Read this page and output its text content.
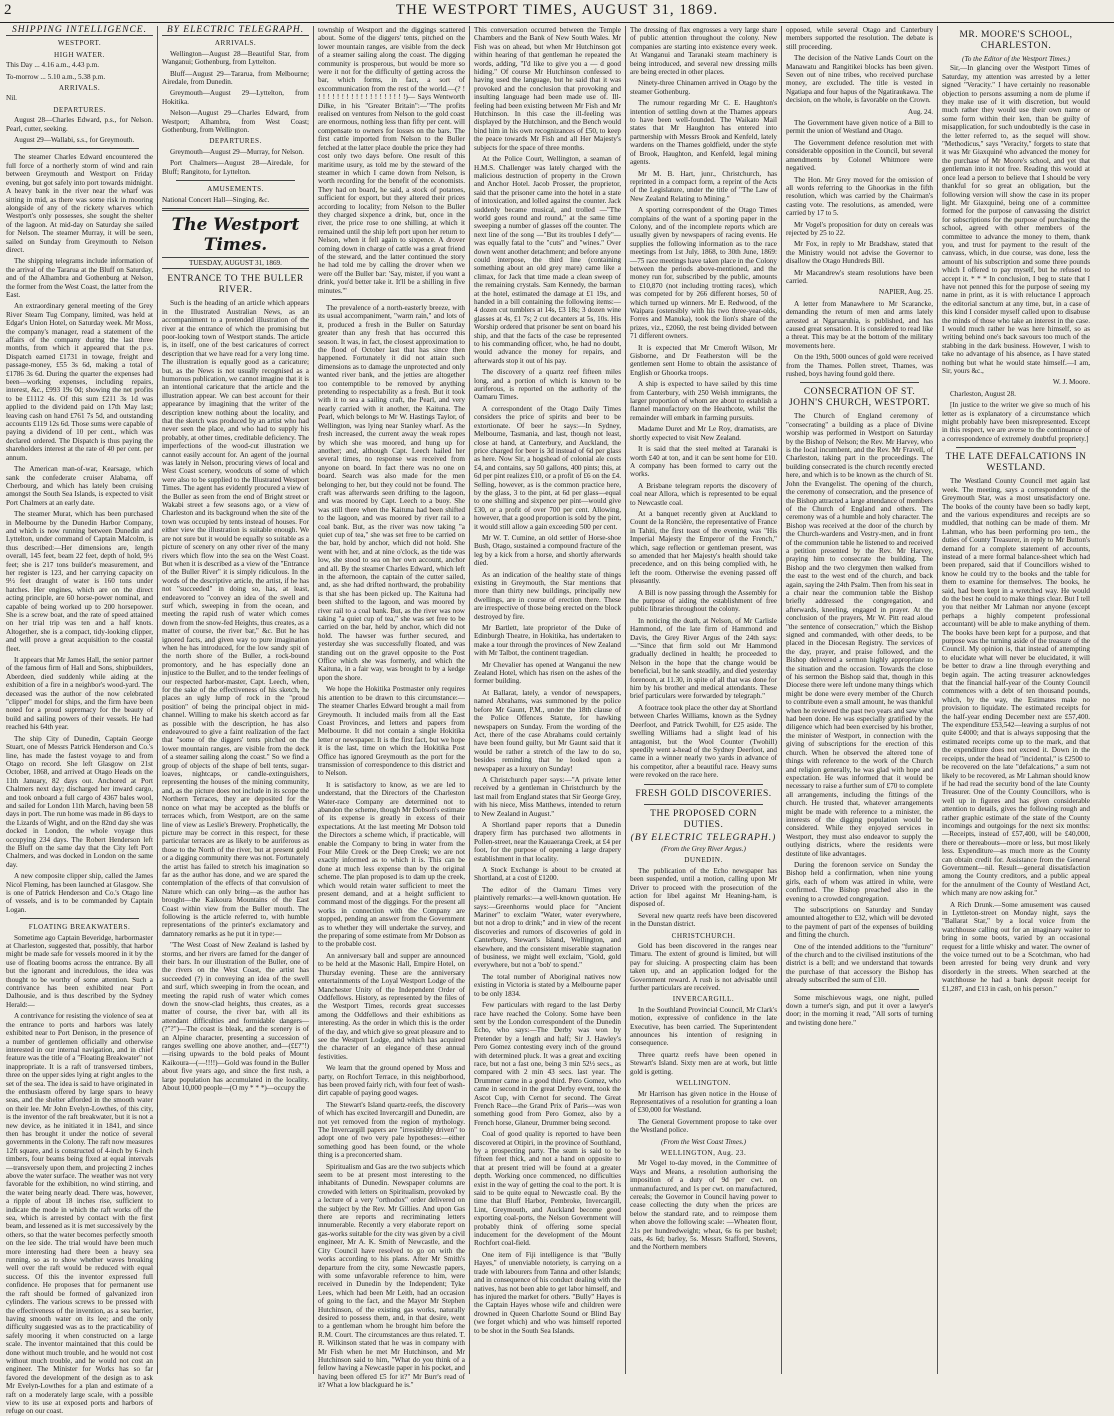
2	THE WESTPORT TIMES, AUGUST 31, 1869.
SHIPPING INTELLIGENCE.
WESTPORT.
HIGH WATER.

This Day ... 4.16 a.m., 4.43 p.m.

To-morrow ... 5.10 a.m., 5.38 p.m.

ARRIVALS.

Nil.

DEPARTURES.

August 28—Charles Edward, p.s., for Nelson. Pearl, cutter, seeking.

August 29—Wallabi, s.s., for Greymouth.

The steamer Charles Edward encountered the full force of a northerly storm of wind and rain between Greymouth and Westport on Friday evening, but got safely into port towards midnight. A heavy bank in the river near the wharf was sitting in mid, as there was some risk in mooring alongside of any of the rickety wharves which Westport's only possesses, she sought the shelter of the lagoon. At mid-day on Saturday she sailed for Nelson. The steamer Murray, it will be seen, sailed on Sunday from Greymouth to Nelson direct.

The shipping telegrams include information of the arrival of the Tararua at the Bluff on Saturday, and of the Alhambra and Gothenburg at Nelson, the former from the West Coast, the latter from the East.

An extraordinary general meeting of the Grey River Steam Tug Company, limited, was held at Edgar's Union Hotel, on Saturday week. Mr Moss, the company's manager, read a statement of the affairs of the company during the last three months, from which it appeared that the p.s. Dispatch earned £1731 in towage, freight and passage-money, £55 3s 6d, making a total of £1786 3s 6d. During the quarter the expenses had been—working expenses, including repairs, interest, &c., £993 19s 0d; showing the net profits to be £1112 4s. Of this sum £211 3s 1d was applied to the dividend paid on 17th May last; leaving cash on hand £761 7s 5d, and outstanding accounts £119 12s 6d. Those sums were capable of paying a dividend of 10 per cent., which was declared ordered. The Dispatch is thus paying the shareholders interest at the rate of 40 per cent. per annum.

The American man-of-war, Kearsage, which sank the confederate cruiser Alabama, off Cherbourg, and which has lately been cruising amongst the South Sea Islands, is expected to visit Port Chalmers at an early date.

The steamer Murat, which has been purchased in Melbourne by the Dunedin Harbor Company, and which is now running between Dunedin and Lyttelton, under command of Captain Malcolm, is thus described:—Her dimensions are, length overall, 145 feet, beam 22 feet, depth of hold, 9½ feet; she is 217 tons builder's measurement, and her register is 123, and her carrying capacity on 9½ feet draught of water is 160 tons under hatches. Her engines, which are on the direct acting principle, are 60 horse-power nominal, and capable of being worked up to 200 horsepower. She is a screw boat, and the rate of speed attained on her trial trip was ten and a half knots. Altogether, she is a compact, tidy-looking clipper, and will prove a great acquisition to the coastal fleet.

It appears that Mr James Hall, the senior partner of the famous firm of Hall and Sons, shipbuilders, Aberdeen, died suddenly while aiding at the exhibition of a fire in a neighbor's wood-yard. The deceased was the author of the now celebrated "clipper" model for ships, and the firm have been noted for a proud supremacy for the beauty of build and sailing powers of their vessels. He had reached his 64th year.

The ship City of Dunedin, Captain George Stuart, one of Messrs Patrick Henderson and Co.'s line, has made the fastest voyage to and from Otago on record. She left Glasgow on 21st October, 1868, and arrived at Otago Heads on the 11th January, 82 days out. Anchored at Port Chalmers next day; discharged her inward cargo, and took onboard a full cargo of 4367 bales wool, and sailed for London 11th March, having been 58 days in port. The run home was made in 86 days to the Lizards of Wight, and on the 82nd day she was docked in London, the whole voyage thus occupying 234 days. The Robert Henderson left the Bluff on the same day that the City left Port Chalmers, and was docked in London on the same day.

A new composite clipper ship, called the James Nicol Fleming, has been launched at Glasgow. She is one of Patrick Henderson and Co.'s Otago line of vessels, and is to be commanded by Captain Logan.

FLOATING BREAKWATERS.

Sometime ago Captain Beveridge, harbormaster at Charleston, suggested that, possibly, that harbor might be made safe for vessels moored in it by the use of floating booms across the entrance. By all but the ignorant and incredulous, the idea was thought to be worthy of some attention. Such a contrivance has been exhibited near Port Dalhousie, and is thus described by the Sydney Herald:—

A contrivance for resisting the violence of sea at the entrance to ports and harbors was lately exhibited near to Port Denison, in the presence of a number of gentlemen officially and otherwise interested in our internal navigation, and in chief feature was the title of a "Floating Breakwater" not inappropriate. It is a raft of transversed timbers, three on the upper sides lying at right angles to the set of the sea. The idea is said to have originated in the enthusiasm offered by large spars to heavy seas, and the shelter afforded in the smooth water on their lee. Mr John Evelyn-Lowthes, of this city, is the inventor of the raft breakwater, but it is not a new device, as he initiated it in 1841, and since then has brought it under the notice of several governments in the Colony. The raft now measures 12ft square, and is constructed of 4-inch by 6-inch timbers, four beams being fixed at equal intervals—transversely upon them, and projecting 2 inches above the water surface. The weather was not very favorable for the exhibition, no wind stirring, and the water being nearly dead. There was, however, a ripple of about 18 inches rise, sufficient to indicate the mode in which the raft works off the sea, which is arrested by contact with the first beam, and lessened as it is met successively by the others, so that the water becomes perfectly smooth on the lee side. The trial would have been much more interesting had there been a heavy sea running, so as to show whether waves breaking well over the raft would be reduced with equal success. Of this the inventor expressed full confidence. He proposes that for permanent use the raft should be formed of galvanized iron cylinders. The various screws to be pressed with the effectiveness of the invention, as a sea barrier, having smooth water on its lee; and the only difficulty suggested was as to the practicability of safely mooring it when constructed on a large scale. The inventor maintained that this could be done without much trouble, and he would not cost without much trouble, and he would not cost an engineer. The Minister for Works has so far favored the development of the design as to ask Mr Evelyn-Lowthes for a plan and estimate of a raft on a moderately large scale, with a possible view to its use at exposed ports and harbors of refuge on our coast.

BY ELECTRIC TELEGRAPH.
ARRIVALS.

Wellington—August 28—Beautiful Star, from Wanganui; Gothenburg, from Lyttelton.

Bluff—August 29—Tararua, from Melbourne; Airedale, from Dunedin.

Greymouth—August 29—Lyttelton, from Hokitika.

Nelson—August 29—Charles Edward, from Westport; Alhambra, from West Coast; Gothenburg, from Wellington.

DEPARTURES.

Greymouth—August 29—Murray, for Nelson.

Port Chalmers—August 28—Airedale, for Bluff; Rangitoto, for Lyttelton.

AMUSEMENTS.

National Concert Hall—Singing, &c.

The Westport Times.
TUESDAY, AUGUST 31, 1869.
ENTRANCE TO THE BULLER RIVER.

Such is the heading of an article which appears in the Illustrated Australian News, as an accompaniment to a pretended illustration of the river at the entrance of which the promising but poor-looking town of Westport stands. The article is, in itself, one of the best caricatures of correct description that we have read for a very long time. The illustration is equally good as a caricature; but, as the News is not usually recognised as a humorous publication, we cannot imagine that it is an intentional caricature that the article and the illustration appear. We can best account for their appearance by imagining that the writer of the description knew nothing about the locality, and that the sketch was produced by an artist who had never seen the place, and who had to supply his probably, at other times, creditable deficiency. The imperfections of the wood-cut illustration we cannot easily account for. An agent of the journal was lately in Nelson, procuring views of local and West Coast scenery, woodcuts of some of which were also to be supplied to the Illustrated Westport Times. The agent has evidently procured a view of the Buller as seen from the end of Bright street or Wakabi street a few seasons ago, or a view of Charleston and its background when the site of the town was occupied by tents instead of houses. For either view the illustration is suitable enough. We are not sure but it would be equally so suitable as a picture of scenery on any other river of the many rivers which flow into the sea on the West Coast. But when it is described as a view of the "Entrance of the Buller River" it is simply ridiculous. In the words of the descriptive article, the artist, if he has not "succeeded" in doing so, has, at least, endeavored to "convey an idea of the swell and surf which, sweeping in from the ocean, and meeting the rapid rush of water which comes down from the snow-fed Heights, thus creates, as a matter of course, the river bar," &c. But he has ignored facts, and given way to pure imagination when he has introduced, for the low sandy spit of the north shore of the Buller, a rock-bound promontory, and he has especially done an injustice to the Buller, and to the tender feelings of our respected harbor-master, Capt. Leech, when, for the sake of the effectiveness of his sketch, he places an ugly lump of rock in the "proud position" of being the principal object in mid-channel. Willing to make his sketch accord as far as possible with the description, he has also endeavoured to give a faint realization of the fact that "some of the diggers' tents pitched on the lower mountain ranges, are visible from the deck of a steamer sailing along the coast." So we find a group of objects of the shape of bell tents, sugar-loaves, nightcaps, or candle-extinguishers, representing the houses of the mining community, and, as the picture does not include in its scope the Northern Terraces, they are deposited for the nonce on what may be accepted as the bluffs or terraces which, from Westport, are on the same line of view as Leslie's Brewery. Prophetically, the picture may be correct in this respect, for these particular terraces are as likely to be auriferous as those to the North of the river, but at present gold or a digging community there was not. Fortunately the artist has failed to stretch his imagination so far as the author has done, and we are spared the contemplation of the effects of that convulsion of Nature which can only bring—as the author has brought—the Kaikoura Mountains of the East Coast within view from the Buller mouth. The following is the article referred to, with humble representations of the printer's exclamatory and damnatory remarks as he put it in type:—

"The West Coast of New Zealand is lashed by storms, and her rivers are famed for the danger of their bars. In our illustration of the Buller, one of the rivers on the West Coast, the artist has succeeded (?) in conveying an idea of the swell and surf, which sweeping in from the ocean, and meeting the rapid rush of water which comes down the snow-clad heights, thus creates, as a matter of course, the river bar, with all its attendant difficulties and formidable dangers—(?"?")—The coast is bleak, and the scenery is of an Alpine character, presenting a succession of ranges swelling one above another, and—(££?"!)—rising upwards to the bold peaks of Mount Kaikoura—(—!!!!)—Gold was found in the Buller about five years ago, and since the first rush, a large population has accumulated in the locality. About 10,000 people—(O my * * *)—occupy the

township of Westport and the diggings scattered about. Some of the diggers' tents, pitched on the lower mountain ranges, are visible from the deck of a steamer sailing along the coast. The digging community is prosperous, but would be more so were it not for the difficulty of getting across the bar, which forms, in fact, a sort of excommunication from the rest of the world.—(? ! ! ! ! ! ! ! ! ! ! ! ! ! ! ! ! ! ! ! !)— Says Wentworth Dilke, in his "Greater Britain":—"The profits realised on ventures from Nelson to the gold coast are enormous, nothing less than fifty per cent. will compensate to owners for losses on the bars. The first cattle imported from Nelson to the Buller fetched at the latter place double the price they had cost only two days before. One result of this maritime usury, as told me by the steward of the steamer in which I came down from Nelson, is worth recording for the benefit of the economists. They had on board, he said, a stock of potatoes, sufficient for export, but they altered their prices according to locality; from Nelson to the Buller they charged sixpence a drink, but, once in the river, the price rose to one shilling, at which it remained until the ship left port upon her return to Nelson, when it fell again to sixpence. A drover coming down in charge of cattle was a great friend of the steward, and the latter continued the story he had told me by calling the drover when we were off the Buller bar: 'Say, mister, if you want a drink, you'd better take it. It'll be a shilling in five minutes.'"

The prevalence of a north-easterly breeze, with its usual accompaniment, "warm rain," and lots of it, produced a fresh in the Buller on Saturday greater than any fresh that has occurred this season. It was, in fact, the closest approximation to the flood of October last that has since then happened. Fortunately it did not attain such dimensions as to damage the unprotected and only wanted river bank, and the jetties are altogether too contemptible to be removed by anything pretending to respectability as a fresh. But it took with it to sea a sailing craft, the Pearl, and very nearly carried with it another, the Kaituna. The Pearl, which belongs to Mr W. Hastings Taylor, of Wellington, was lying near Stanley wharf. As the fresh increased, the current away the weak ropes by which she was moored, and hung up for another; and, although Capt. Leech hailed her several times, no response was received from anyone on board. In fact there was no one on board. Search was also made for the men belonging to her, but they could not be found. The craft was afterwards seen drifting to the lagoon, and was moored by Capt. Leech to a buoy. She was still there when the Kaituna had been shifted to the lagoon, and was moored by river rail to a coal bank. But, as the river was now taking "a quiet cup of tea," she was set free to be carried on the bar, hold by anchor, which did not hold. She went with her, and at nine o'clock, as the tide was low, she stood to sea on her own account, anchor and all. By the steamer Charles Edward, which left in the afternoon, the captain of the cutter sailed, and, as she had drifted northward, the probability is that she has been picked up. The Kaituna had been shifted to the lagoon, and was moored by river rail to a coal bank. But, as the river was now taking "a quiet cup of tea," she was set free to be carried on the bar, held by anchor, which did not hold. The hawser was further secured, and yesterday she was successfully floated, and was standing out on the gravel opposite to the Post Office which she was formerly, and which the Kaituna, in a fair way, was brought to by a kedge upon the shore.

We hope the Hokitika Postmaster only requires his attention to be drawn to this circumstance:—The steamer Charles Edward brought a mail from Greymouth. It included mails from all the East Coast Provinces, and letters and papers from Melbourne. It did not contain a single Hokitika letter or newspaper. It is the first fact, but we hope it is the last, time on which the Hokitika Post Office has ignored Greymouth as the port for the transmission of correspondence to this district and to Nelson.

It is satisfactory to know, as we are led to understand, that the Directors of the Charleston Water-race Company are determined not to abandon the scheme, though Mr Dobson's estimate of its expense is greatly in excess of their expectations. At the last meeting Mr Dobson told the Directors a scheme which, if practicable, will enable the Company to bring in water from the Four Mile Creek or the Deep Creek; we are not exactly informed as to which it is. This can be done at much less expense than by the original scheme. The plan proposed is to dam up the creek, which would retain water sufficient to meet the present demand, and at a height sufficient to command most of the diggings. For the present all works in connection with the Company are stopped, pending an answer from the Government as to whether they will undertake the survey, and the preparing of some estimate from Mr Dobson as to the probable cost.

An anniversary ball and supper are announced to be held at the Masonic Hall, Empire Hotel, on Thursday evening. These are the anniversary entertainments of the Loyal Westport Lodge of the Manchester Unity of the Independent Order of Oddfellows. History, as represented by the files of the Westport Times, records great successes among the Oddfellows and their exhibitions as interesting. As the order in which this is the order of the day, and which give so great pleasure and to see the Westport Lodge, and which has acquired the character of an elegance of these annual festivities.

We learn that the ground opened by Moss and party, on Rochfort Terrace, in this neighborhood, has been proved fairly rich, with four feet of wash-dirt capable of paying good wages.

The Stewart's Island quartz-reefs, the discovery of which has excited Invercargill and Dunedin, are not yet removed from the region of mythology. The Invercargill papers are "irresistibly driven" to adopt one of two very pale hypotheses:—either something good has been found, or the whole thing is a preconcerted sham.

Spiritualism and Gas are the two subjects which seem to be at present most interesting to the inhabitants of Dunedin. Newspaper columns are crowded with letters on Spiritualism, provoked by a lecture of a very "orthodox" order delivered on the subject by the Rev. Mr Gillies. And upon Gas there are reports and recriminating letters innumerable. Recently a very elaborate report on gas-works suitable for the city was given by a civil engineer, Mr A. K. Smith of Newcastle, and the City Council have resolved to go on with the works according to his plans. After Mr Smith's departure from the city, some Newcastle papers, with some unfavorable reference to him, were received in Dunedin by the Independent; Tyke Lees, which had been Mr Leith, had an occasion of going to the fact, and the Mayor Mr Stephen Hutchinson, of the existing gas works, naturally desired to possess them, and, in that desire, went to a gentleman whom he brought him before the R.M. Court. The circumstances are thus related. T. R. Wilkinson stated that he was in company with Mr Fish when he met Mr Hutchinson, and Mr Hutchinson said to him, "What do you think of a fellow having a Newcastle paper in his pocket, and having been offered £5 for it?" Mr Burr's read of it? What a low blackguard he is."

This conversation occurred between the Temple Chambers and the Bank of New South Wales. Mr Fish was on ahead, but when Mr Hutchinson got within hearing of that gentleman he repeated the words, adding, "I'd like to give you a — d good hiding." Of course Mr Hutchinson confessed to having used the language, but he said that it was provoked and the conclusion that provoking and insulting language had been made use of. Ill-feeling had been existing between Mr Fish and Mr Hutchinson. In this case the ill-feeling was displayed by the Hutchinson, and the Bench would bind him in his own recognizances of £50, to keep the peace towards Mr Fish and all Her Majesty's subjects for the space of three months.

At the Police Court, Wellington, a seaman of H.M.S. Challenger was lately charged with the malicious destruction of property in the Crown and Anchor Hotel. Jacob Prosser, the proprietor, said that the prisoner came into the hotel in a state of intoxication, and lolled against the counter. Jack suddenly became musical, and trolled —"The world goes round and round," at the same time sweeping a number of glasses off the counter. The next line of the song —"But its troubles I defy"—was equally fatal to the "cuts" and "wines." Over down went another detachment; and before anyone could interpose, the third line (containing something about an old grey mare) came like a climax, for Jack that time made a clean sweep of the remaining crystals. Sam Kennedy, the barman at the hotel, estimated the damage at £1 19s, and handed in a bill containing the following items:— 4 dozen cut tumblers at 14s, £3 18s; 3 dozen wine glasses at 4s, £1 7s; 2 cut decanters at 5s, 10s. His Worship ordered that prisoner be sent on board his ship, and that the facts of the case be represented to his commanding officer, who, he had no doubt, would advance the money for repairs, and afterwards stop it out of his pay.

The discovery of a quartz reef fifteen miles long, and a portion of which is known to be auriferous, is reported on the authority of the Oamaru Times.

A correspondent of the Otago Daily Times considers the price of spirits and beer to be extortionate. Of beer he says:—In Sydney, Melbourne, Tasmania, and last, though not least, close at hand, at Canterbury, and Auckland, the price charged for beer is 3d instead of 6d per glass as here. Now Sir, a hogshead of colonial ale costs £4, and contains, say 50 gallons, 400 pints; this, at 6d per pint realizes £10, or a profit of £6 on the £4. Selling, however, as is the common practice here, by the glass, 3 to the pint, at 6d per glass—equal to one shilling and sixpence per pint—would give £30, or a profit of over 700 per cent. Allowing, however, that a good proportion is sold by the pint, it would still allow a gain exceeding 500 per cent.

Mr W. T. Cumine, an old settler of Horse-shoe Bush, Otago, sustained a compound fracture of the leg by a kick from a horse, and shortly afterwards died.

As an indication of the healthy state of things existing in Greymouth, the Star mentions that more than thirty new buildings, principally new dwellings, are in course of erection there. These are irrespective of those being erected on the block destroyed by fire.

Mr Bartlett, late proprietor of the Duke of Edinburgh Theatre, in Hokitika, has undertaken to make a tour through the provinces of New Zealand with Mr Talbot, the continent tragedian.

Mr Chevalier has opened at Wanganui the new Zealand Hotel, which has risen on the ashes of the former building.

At Ballarat, lately, a vendor of newspapers, named Abrahams, was summoned by the police before Mr Gaunt, P.M., under the 18th clause of the Police Offences Statute, for hawking newspapers on Sunday. From the wording of the Act, there of the case Abrahams could certainly have been found guilty, but Mr Gaunt said that it would be rather a stretch of the law to do so, besides reminding that he looked upon a newspaper as a luxury on Sunday!

A Christchurch paper says:—"A private letter received by a gentleman in Christchurch by the last mail from England states that Sir George Grey, with his niece, Miss Matthews, intended to return to New Zealand in August."

A Shortland paper reports that a Dunedin drapery firm has purchased two allotments in Pollen-street, near the Kauaeranga Creek, at £4 per foot, for the purpose of opening a large drapery establishment in that locality.

A Stock Exchange is about to be created at Shortland, at a cost of £1200.

The editor of the Oamaru Times very plaintively remarks:—a well-known quotation. He says:—Greenhorns would place for "Ancient Mariner" to exclaim "Water, water everywhere, but not a drop to drink;" and in view of the recent discoveries and rumors of discoveries of gold in Canterbury, Stewart's Island, Wellington, and elsewhere, and the consistent miserable stagnation of business, we might well exclaim, "Gold, gold everywhere, but not a 'bob' to spend."

The total number of Aboriginal natives now existing in Victoria is stated by a Melbourne paper to be only 1834.

Few particulars with regard to the last Derby race have reached the Colony. Some have been sent by the London correspondent of the Dunedin Echo, who says:—The Derby was won by Pretender by a length and half; Sir J. Hawley's Pero Gomez contesting every inch of the ground with determined pluck. It was a great and exciting race, but not a fast one, being 3 min 52½ secs., as compared with 2 min 43 secs. last year. The Drummer came in a good third. Pero Gomez, who came in second in the great Derby event, took the Ascot Cup, with Cernot for second. The Great French Race—the Grand Prix of Paris—was won something good from Pero Gomez, also by a French horse, Glaneur, Drummer being second.

Coal of good quality is reported to have been discovered at Otipiri, in the province of Southland, by a prospecting party. The seam is said to be fifteen feet thick, and not a hand on opposite to that at present tried will be found at a greater depth. Working once commenced, no difficulties exist in the way of getting the coal to the port. It is said to be quite equal to Newcastle coal. By the time that Bluff Harbor, Pembroke, Invercargill, Lint, Greymouth, and Auckland become good exporting coal-ports, the Nelson Government will probably think of offering some special inducement for the development of the Mount Rochfort coal-field.

One item of Fiji intelligence is that "Bully Hayes," of unenviable notoriety, is carrying on a trade with labourers from Tanna and other Islands; and in consequence of his conduct dealing with the natives, has not been able to get labor himself, and has injured the market for others. "Bully" Hayes is the Captain Hayes whose wife and children were drowned in Queen Charlotte Sound or Blind Bay (we forget which) and who was himself reported to be shot in the South Sea Islands.

The dressing of flax engrosses a very large share of public attention throughout the colony. New companies are starting into existence every week. At Wanganui and Taranaki steam machinery is being introduced, and several new dressing mills are being erected in other places.

Ninety-three Chinamen arrived in Otago by the steamer Gothenburg.

The rumour regarding Mr C. E. Haughton's intention of settling down at the Thames appears to have been well-founded. The Waikato Mail states that Mr Haughton has entered into partnership with Messrs Brook and Kenfeld, lately wardens on the Thames goldfield, under the style of Brook, Haughton, and Kenfeld, legal mining agents.

Mr M. B. Hart, junr., Christchurch, has reprinted in a compact form, a reprint of the Acts of the Legislature, under the title of "The Law of New Zealand Relating to Mining."

A sporting correspondent of the Otago Times complains of the want of a sporting paper in the Colony, and of the incomplete reports which are usually given by newspapers of racing events. He supplies the following information as to the race meetings from 1st July, 1868, to 30th June, 1869:—75 race meetings have taken place in the Colony between the periods above-mentioned, and the money run for, subscribed by the public, amounts to £10,870 (not including trotting races), which was competed for by 266 different horses, 50 of which turned up winners. Mr E. Redwood, of the Waipara (ostensibly with his two three-year-olds, Forres and Manuka), took the lion's share of the prizes, viz., £2060, the rest being divided between 71 different owners.

It is expected that Mr Cmeroft Wilson, Mr Gisborne, and Dr Featherston will be the gentlemen sent Home to obtain the assistance of English or Ghoorka troops.

A ship is expected to have sailed by this time from Canterbury, with 250 Welsh immigrants, the larger proportion of whom are about to establish a flannel manufactory on the Heathcote, whilst the remainder will embark in farming pursuits.

Madame Duret and Mr Le Roy, dramatists, are shortly expected to visit New Zealand.

It is said that the steel melted at Taranaki is worth £40 at ton, and it can be sent home for £10. A company has been formed to carry out the works.

A Brisbane telegram reports the discovery of coal near Allora, which is represented to be equal to Newcastle coal.

At a banquet recently given at Auckland to Count de la Roncière, the representative of France in Tahiti, the first toast of the evening was "His Imperial Majesty the Emperor of the French," which, sage reflection or gentleman present, was so amended that her Majesty's health should take precedence, and on this being complied with, he left the room. Otherwise the evening passed off pleasantly.

A Bill is now passing through the Assembly for the purpose of aiding the establishment of free public libraries throughout the colony.

In noticing the death, at Nelson, of Mr Carlisle Hammond, of the late firm of Hammond and Davis, the Grey River Argus of the 24th says:—"Since that firm sold out Mr Hammond gradually declined in health; he proceeded to Nelson in the hope that the change would be beneficial, but he sank steadily, and died yesterday forenoon, at 11.30, in spite of all that was done for him by his brother and medical attendants. These brief particulars were forwarded by telegraph."

A footrace took place the other day at Shortland between Charles Williams, known as the Sydney Deerfoot, and Patrick Twohill, for £25 aside. The swelling Williams had a slight lead of his antagonist, but the Wool Counter (Twohill) speedily went a-head of the Sydney Deerfoot, and came in a winner nearly two yards in advance of his competitor, after a beautiful race. Heavy sums were revoked on the race here.

FRESH GOLD DISCOVERIES.
THE PROPOSED CORN DUTIES.
(BY ELECTRIC TELEGRAPH.)
(From the Grey River Argus.)
DUNEDIN.

The publication of the Echo newspaper has been suspended, until a motion, calling upon Mr Driver to proceed with the prosecution of the action for libel against Mr Heaning-ham, is disposed of.

Several new quartz reefs have been discovered in the Dunstan district.

CHRISTCHURCH.

Gold has been discovered in the ranges near Timaru. The extent of ground is limited, but will pay for sluicing. A prospecting claim has been taken up, and an application lodged for the Government reward. A rush is not advisable until further particulars are received.

INVERCARGILL.

In the Southland Provincial Council, Mr Clark's motion, expressive of confidence in the late Executive, has been carried. The Superintendent announces his intention of resigning in consequence.

Three quartz reefs have been opened in Stewart's Island. Sixty men are at work, but little gold is getting.

WELLINGTON.

Mr Harrison has given notice in the House of Representatives of a resolution for granting a loan of £30,000 for Westland.

The General Government propose to take over the Westland police.

(From the West Coast Times.)
WELLINGTON, Aug. 23.

Mr Vogel to-day moved, in the Committee of Ways and Means, a resolution authorising the imposition of a duty of 9d per cwt. on unmanufactured, and 1s per cwt. on manufactured, cereals; the Governor in Council having power to cease collecting the duty when the prices are below the standard rate, and to reimpose them when above the following scale: —Wheaten flour, 21s per hundredweight; wheat, 6s 6s per bushel; oats, 4s 6d; barley, 5s. Messrs Stafford, Stevens, and the Northern members

opposed, while several Otago and Canterbury members supported the resolution. The debate is still proceeding.

The decision of the Native Lands Court on the Manawatu and Rangitikei blocks has been given. Seven out of nine tribes, who received purchase money, are excluded. The title is vested in Ngatiapa and four hapus of the Ngatiraukawa. The decision, on the whole, is favorable on the Crown.

Aug. 24.

The Government have given notice of a Bill to permit the union of Westland and Otago.

The Government defence resolution met with considerable opposition in the Council, but several amendments by Colonel Whitmore were negatived.

The Hon. Mr Grey moved for the omission of all words referring to the Ghoorkas in the fifth resolution, which was carried by the Chairman's casting vote. The resolutions, as amended, were carried by 17 to 5.

Mr Vogel's proposition for duty on cereals was rejected by 25 to 22.

Mr Fox, in reply to Mr Bradshaw, stated that the Ministry would not advise the Governor to disallow the Otago Hundreds Bill.

Mr Macandrew's steam resolutions have been carried.

NAPIER, Aug. 25.

A letter from Manawhere to Mr Scarancke, demanding the return of men and arms lately arrested at Ngaruaruhia, is published, and has caused great sensation. It is considered to read like a threat. This may be at the bottom of the military movements here.

On the 19th, 5000 ounces of gold were received from the Thames. Pollen street, Thames, was rushed, boys having found gold there.

CONSECRATION OF ST. JOHN'S CHURCH, WESTPORT.

The Church of England ceremony of "consecrating" a building as a place of Divine worship was performed in Westport on Saturday by the Bishop of Nelson; the Rev. Mr Harvey, who is the local incumbent, and the Rev. Mr Fravell, of Charleston, taking part in the proceedings. The building consecrated is the church recently erected here, and which is to be known as the church of St. John the Evangelist. The opening of the church, the ceremony of consecration, and the presence of the Bishop attracted a large attendance of members of the Church of England and others. The ceremony was of a humble and holy character. The Bishop was received at the door of the church by the Church-wardens and Vestry-men, and in front of the communion table he listened to and received a petition presented by the Rev. Mr Harvey, praying him to consecrate the building. The Bishop and the two clergymen then walked from the east to the west end of the church, and back again, saying the 24th Psalm. Then from his seat in a chair near the communion table the Bishop briefly addressed the congregation, and afterwards, kneeling, engaged in prayer. At the conclusion of the prayers, Mr W. Pitt read aloud "the sentence of consecration," which the Bishop signed and commanded, with other deeds, to be placed in the Diocesan Registry. The services of the day, prayer, and praise followed, and the Bishop delivered a sermon highly appropriate to the situation and the occasion. Towards the close of his sermon the Bishop said that, though in this Diocese there were left undone many things which might be done were every member of the Church to contribute even a small amount, he was thankful when he reviewed the past two years and saw what had been done. He was especially gratified by the diligence which had been exercised by his brother, the minister of Westport, in connection with the giving of subscriptions for the erection of this church. When he observed the altered tone of things with reference to the work of the Church and religion generally, he was glad with hope and expectation. He was informed that it would be necessary to raise a further sum of £70 to complete all arrangements, including the fittings of the church. He trusted that, whatever arrangements might be made with reference to a minister, the interests of the digging population would be considered. While they enjoyed services in Westport, they must also endeavor to supply the outlying districts, where the residents were destitute of like advantages.

During the forenoon service on Sunday the Bishop held a confirmation, when nine young girls, each of whom was attired in white, were confirmed. The Bishop preached also in the evening to a crowded congregation.

The subscriptions on Saturday and Sunday amounted altogether to £32, which will be devoted to the payment of part of the expenses of building and fitting the church.

One of the intended additions to the "furniture" of the church and to the civilised institutions of the district is a bell; and we understand that towards the purchase of that accessory the Bishop has already subscribed the sum of £10.

Some mischievous wags, one night, pulled down a turner's sign, and put it over a lawyer's door; in the morning it read, "All sorts of turning and twisting done here."

MR. MOORE'S SCHOOL, CHARLESTON.
(To the Editor of the Westport Times.)

Sir,—In glancing over the Westport Times of Saturday, my attention was arrested by a letter signed "Veracity." I have certainly no reasonable objection to persons assuming a nom de plume if they make use of it with discretion, but would much rather they would use their own name or some form within their ken, than be guilty of misapplication, for such undoubtedly is the case in the letter referred to, as the sequel will show. "Methodicus," says "Veracity," forgets to state that it was Mr Giaxquiné who advanced the money for the purchase of Mr Moore's school, and yet that gentleman into it not free. Reading this would at once lead a person to believe that I should be very thankful for so great an obligation, but the following version will show the case in its proper light. Mr Giaxquiné, being one of a committee formed for the purpose of canvassing the district for subscriptions for the purpose of purchasing the school, agreed with other members of the committee to advance the money to them, thank you, and trust for payment to the result of the canvass, which, in due course, was done, less the amount of his subscription and some three pounds which I offered to pay myself, but he refused to accept it. * * * In conclusion, I beg to state that I have not penned this for the purpose of seeing my name in print, as it is with reluctance I approach the editorial sanctum at any time, but, in a case of this kind I consider myself called upon to disabuse the minds of those who take an interest in the case. I would much rather he was here himself, so as writing behind one's back savours too much of the stabbing in the dark business. However, I wish to take no advantage of his absence, as I have stated nothing but what he would state himself.—I am, Sir, yours &c.,

W. J. Moore.

Charleston, August 28.

[In justice to the writer we give so much of his letter as is explanatory of a circumstance which might probably have been misrepresented. Except in this respect, we are averse to the continuance of a correspondence of extremely doubtful propriety.]

THE LATE DEFALCATIONS IN WESTLAND.

The Westland County Council met again last week. The meeting, says a correspondent of the Greymouth Star, was a most unsatisfactory one. The books of the county have been so badly kept, and the various expenditures and receipts are so muddled, that nothing can be made of them. Mr Lahman, who has been performing pro tem., the duties of County Treasurer, in reply to Mr Button's demand for a complete statement of accounts, instead of a mere formal balance-sheet which had been prepared, said that if Councillors wished to know he could try to the books and the table for them to examine for themselves. The books, he said, had been kept in a wretched way. He would do the best he could to make things clear. But I tell you that neither Mr Lahman nor anyone (except perhaps a highly competent professional accountant) will be able to make anything of them. The books have been kept for a purpose, and that purpose was the turning aside of the treasure of the Council. My opinion is, that instead of attempting to elucidate what will never be elucidated, it will be better to draw a line through everything and begin again. The acting treasurer acknowledges that the financial half-year of the County Council commences with a debt of ten thousand pounds, which, by the way, the Estimates make no provision to liquidate. The estimated receipts for the half-year ending December next are £57,400. The expenditure £53,542—leaving a surplus of not quite £4000; and that is always supposing that the estimated receipts come up to the mark, and that the expenditure does not exceed it. Down in the receipts, under the head of "incidental," is £2500 to be recovered on the late "defalcations," a sum not likely to be recovered, as Mr Lahman should know if he had read the security bond of the late County Treasurer. One of the County Councillors, who is well up in figures and has given considerable attention to details, gives the following rough and rather graphic estimate of the state of the County incomings and outgoings for the next six months:—Receipts, instead of £57,400, will be £40,000, there or thereabouts—more or less, but most likely less. Expenditure—as much more as the County can obtain credit for. Assistance from the General Government—nil. Result—general dissatisfaction among the County creditors, and a public appeal for the annulment of the County of Westland Act, which many are now asking for."

A Rich Drunk.—Some amusement was caused in Lyttleton-street on Monday night, says the "Ballarat Star," by a local voice from the watchhouse calling out for an imaginary waiter to bring in some boots, varied by an occasional request for a little whisky and water. The owner of the voice turned out to be a Scotchman, who had been arrested for being very drunk and very disorderly in the streets. When searched at the watchhouse he had a bank deposit receipt for £1,287, and £13 in cash, on his person."
